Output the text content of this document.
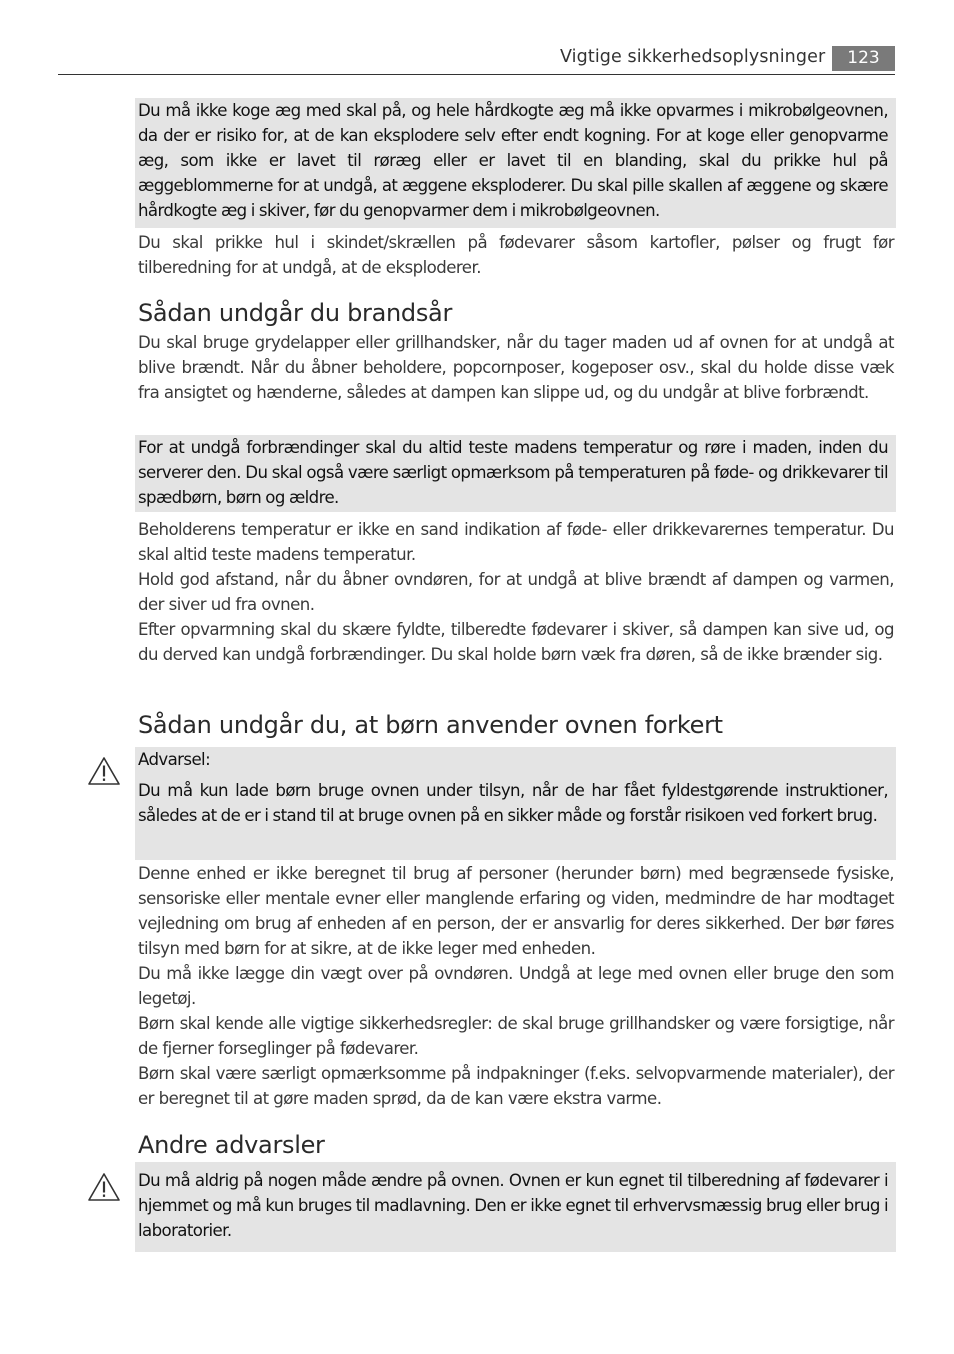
Vigtige sikkerhedsoplysninger	123

Du må ikke koge æg med skal på, og hele hårdkogte æg må ikke opvarmes i mikrobølgeovnen, da der er risiko for, at de kan eksplodere selv efter endt kogning. For at koge eller genopvarme æg, som ikke er lavet til røræg eller er lavet til en blanding, skal du prikke hul på æggeblommerne for at undgå, at æggene eksploderer. Du skal pille skallen af æggene og skære hårdkogte æg i skiver, før du genopvarmer dem i mikrobølgeovnen.

Du skal prikke hul i skindet/skrællen på fødevarer såsom kartofler, pølser og frugt før tilberedning for at undgå, at de eksploderer.

Sådan undgår du brandsår

Du skal bruge grydelapper eller grillhandsker, når du tager maden ud af ovnen for at undgå at blive brændt. Når du åbner beholdere, popcornposer, kogeposer osv., skal du holde disse væk fra ansigtet og hænderne, således at dampen kan slippe ud, og du undgår at blive forbrændt.

For at undgå forbrændinger skal du altid teste madens temperatur og røre i maden, inden du serverer den. Du skal også være særligt opmærksom på temperaturen på føde- og drikkevarer til spædbørn, børn og ældre.

Beholderens temperatur er ikke en sand indikation af føde- eller drikkevarernes temperatur. Du skal altid teste madens temperatur.

Hold god afstand, når du åbner ovndøren, for at undgå at blive brændt af dampen og varmen, der siver ud fra ovnen.

Efter opvarmning skal du skære fyldte, tilberedte fødevarer i skiver, så dampen kan sive ud, og du derved kan undgå forbrændinger. Du skal holde børn væk fra døren, så de ikke brænder sig.

Sådan undgår du, at børn anvender ovnen forkert

Advarsel:

Du må kun lade børn bruge ovnen under tilsyn, når de har fået fyldestgørende instruktioner, således at de er i stand til at bruge ovnen på en sikker måde og forstår risikoen ved forkert brug.

Denne enhed er ikke beregnet til brug af personer (herunder børn) med begrænsede fysiske, sensoriske eller mentale evner eller manglende erfaring og viden, medmindre de har modtaget vejledning om brug af enheden af en person, der er ansvarlig for deres sikkerhed. Der bør føres tilsyn med børn for at sikre, at de ikke leger med enheden.

Du må ikke lægge din vægt over på ovndøren. Undgå at lege med ovnen eller bruge den som legetøj.

Børn skal kende alle vigtige sikkerhedsregler: de skal bruge grillhandsker og være forsigtige, når de fjerner forseglinger på fødevarer.

Børn skal være særligt opmærksomme på indpakninger (f.eks. selvopvarmende materialer), der er beregnet til at gøre maden sprød, da de kan være ekstra varme.

Andre advarsler

Du må aldrig på nogen måde ændre på ovnen. Ovnen er kun egnet til tilberedning af fødevarer i hjemmet og må kun bruges til madlavning. Den er ikke egnet til erhvervsmæssig brug eller brug i laboratorier.
